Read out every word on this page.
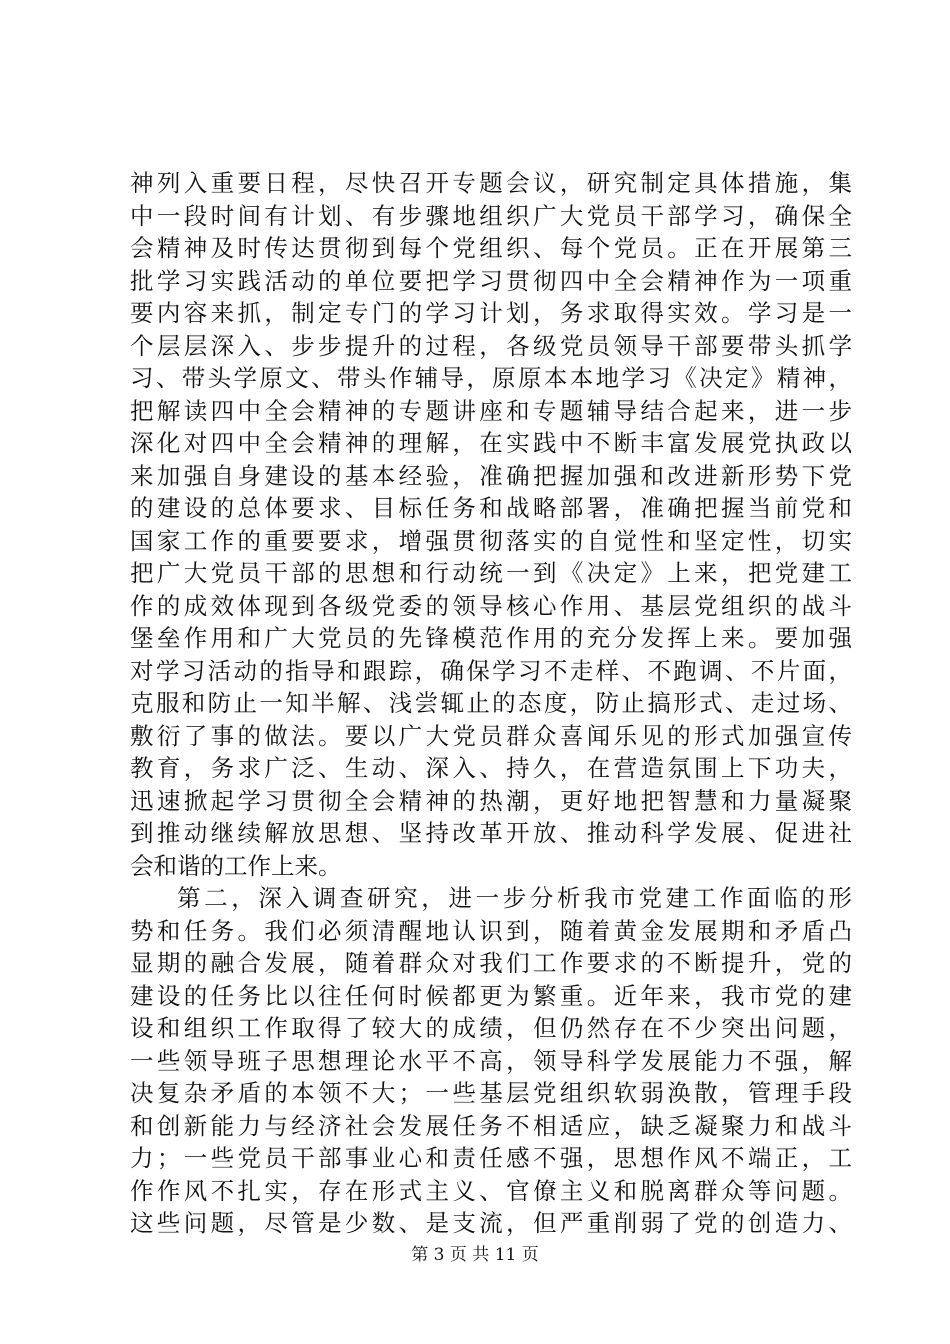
神列入重要日程，尽快召开专题会议，研究制定具体措施，集
中一段时间有计划、有步骤地组织广大党员干部学习，确保全
会精神及时传达贯彻到每个党组织、每个党员。正在开展第三
批学习实践活动的单位要把学习贯彻四中全会精神作为一项重
要内容来抓，制定专门的学习计划，务求取得实效。学习是一
个层层深入、步步提升的过程，各级党员领导干部要带头抓学
习、带头学原文、带头作辅导，原原本本地学习《决定》精神，
把解读四中全会精神的专题讲座和专题辅导结合起来，进一步
深化对四中全会精神的理解，在实践中不断丰富发展党执政以
来加强自身建设的基本经验，准确把握加强和改进新形势下党
的建设的总体要求、目标任务和战略部署，准确把握当前党和
国家工作的重要要求，增强贯彻落实的自觉性和坚定性，切实
把广大党员干部的思想和行动统一到《决定》上来，把党建工
作的成效体现到各级党委的领导核心作用、基层党组织的战斗
堡垒作用和广大党员的先锋模范作用的充分发挥上来。要加强
对学习活动的指导和跟踪，确保学习不走样、不跑调、不片面，
克服和防止一知半解、浅尝辄止的态度，防止搞形式、走过场、
敷衍了事的做法。要以广大党员群众喜闻乐见的形式加强宣传
教育，务求广泛、生动、深入、持久，在营造氛围上下功夫，
迅速掀起学习贯彻全会精神的热潮，更好地把智慧和力量凝聚
到推动继续解放思想、坚持改革开放、推动科学发展、促进社
会和谐的工作上来。
第二，深入调查研究，进一步分析我市党建工作面临的形
势和任务。我们必须清醒地认识到，随着黄金发展期和矛盾凸
显期的融合发展，随着群众对我们工作要求的不断提升，党的
建设的任务比以往任何时候都更为繁重。近年来，我市党的建
设和组织工作取得了较大的成绩，但仍然存在不少突出问题，
一些领导班子思想理论水平不高，领导科学发展能力不强，解
决复杂矛盾的本领不大；一些基层党组织软弱涣散，管理手段
和创新能力与经济社会发展任务不相适应，缺乏凝聚力和战斗
力；一些党员干部事业心和责任感不强，思想作风不端正，工
作作风不扎实，存在形式主义、官僚主义和脱离群众等问题。
这些问题，尽管是少数、是支流，但严重削弱了党的创造力、
第 3 页 共 11 页
